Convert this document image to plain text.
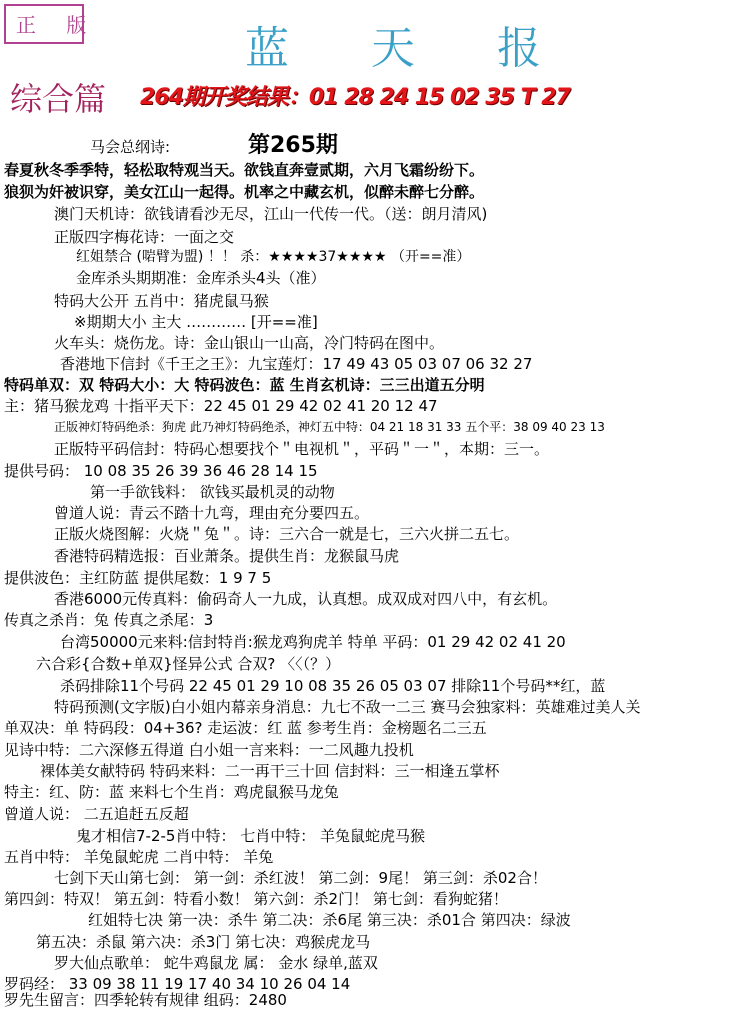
正 版	蓝 天 报
综合篇 264期开奖结果：01 28 24 15 02 35 T 27
第265期
马会总纲诗:
春夏秋冬季季特，轻松取特观当天。欲钱直奔壹贰期，六月飞霜纷纷下。
狼狈为奸被识穿，美女江山一起得。机率之中藏玄机，似醉未醉七分醉。
澳门天机诗：欲钱请看沙无尽，江山一代传一代。（送：朗月清风)
正版四字梅花诗：一面之交
红姐禁合 (啱臂为盟) ！！ 杀：★★★★37★★★★ （开==准）
金库杀头期期准：金库杀头4头（准）
特码大公开 五肖中：猪虎鼠马猴
※期期大小 主大 ………… [开==准]
火车头：烧伤龙。诗：金山银山一山高，冷门特码在图中。
香港地下信封《千王之王》：九宝莲灯：17 49 43 05 03 07 06 32 27
特码单双：双 特码大小：大 特码波色：蓝 生肖玄机诗：三三出道五分明
主：猪马猴龙鸡 十指平天下：22 45 01 29 42 02 41 20 12 47
正版神灯特码绝杀：狗虎 此乃神灯特码绝杀，神灯五中特：04 21 18 31 33 五个平：38 09 40 23 13
正版特平码信封：特码心想要找个＂电视机＂，平码＂一＂，本期：三一。
提供号码： 10 08 35 26 39 36 46 28 14 15
第一手欲钱料： 欲钱买最机灵的动物
曾道人说：青云不踏十九弯，理由充分要四五。
正版火烧图解：火烧＂兔＂。诗：三六合一就是七，三六火拼二五七。
香港特码精选报：百业萧条。提供生肖：龙猴鼠马虎
提供波色：主红防蓝 提供尾数：1 9 7 5
香港6000元传真料：偷码奇人一九成，认真想。成双成对四八中，有玄机。
传真之杀肖：兔 传真之杀尾：3
台湾50000元来料:信封特肖:猴龙鸡狗虎羊 特单 平码：01 29 42 02 41 20
六合彩{合数+单双}怪异公式 合双? 〈〈（？）
杀码排除11个号码 22 45 01 29 10 08 35 26 05 03 07 排除11个号码**红，蓝
特码预测(文字版)白小姐内幕亲身消息：九七不敌一二三 赛马会独家料：英雄难过美人关
单双决：单 特码段：04+36? 走运波：红 蓝 参考生肖：金榜题名二三五
见诗中特：二六深修五得道 白小姐一言来料：一二风趣九投机
裸体美女献特码 特码来料：二一再干三十回 信封料：三一相逢五掌杯
特主：红、防：蓝 来料七个生肖：鸡虎鼠猴马龙兔
曾道人说： 二五追赶五反超
鬼才相信7-2-5肖中特： 七肖中特： 羊兔鼠蛇虎马猴
五肖中特： 羊兔鼠蛇虎 二肖中特： 羊兔
七剑下天山第七剑： 第一剑：杀红波！ 第二剑：9尾！ 第三剑：杀02合！
第四剑：特双！ 第五剑：特看小数！ 第六剑：杀2门！ 第七剑：看狗蛇猪！
红姐特七决 第一决：杀牛 第二决：杀6尾 第三决：杀01合 第四决：绿波
第五决：杀鼠 第六决：杀3门 第七决：鸡猴虎龙马
罗大仙点歌单： 蛇牛鸡鼠龙 属： 金水 绿单,蓝双
罗码经： 33 09 38 11 19 17 40 34 10 26 04 14
罗先生留言：四季轮转有规律 组码：2480
